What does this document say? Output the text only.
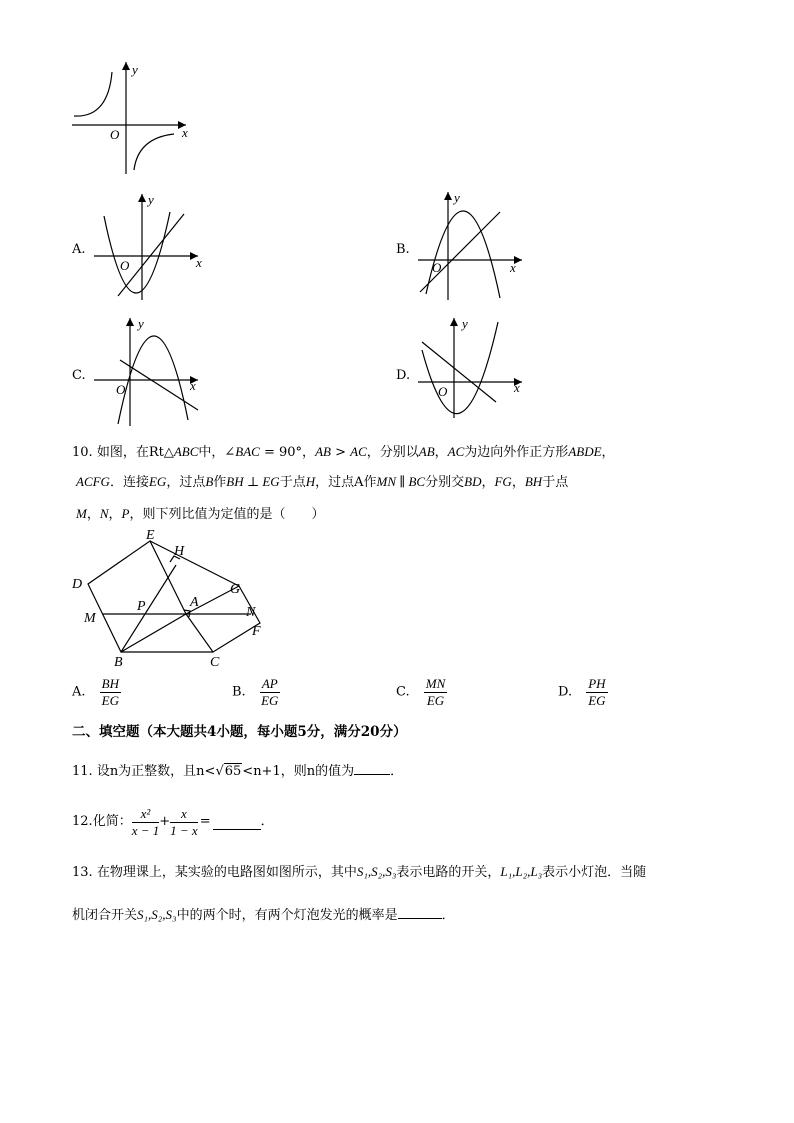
y
x
O
A.
y
x
O
B.
y
x
O
C.
y
x
O
D.
y
x
O
10. 如图，在Rt△ABC中，∠BAC = 90°，AB > AC，分别以AB，AC为边向外作正方形ABDE，
ACFG．连接EG，过点B作BH ⊥ EG于点H，过点A作MN ∥ BC分别交BD，FG，BH于点
M，N，P，则下列比值为定值的是（　　）
E
H
D	G
P	A
M	N
F
B	C
A. $\frac{BH}{EG}$	B. $\frac{AP}{EG}$	C. $\frac{MN}{EG}$	D. $\frac{PH}{EG}$
二、填空题（本大题共4小题，每小题5分，满分20分）
11. 设n为正整数，且n<√65<n+1，则n的值为	．
12. 化简： $\frac{\text{x²}}{x - 1} + \frac{x}{1 - x}$ =	．
13. 在物理课上，某实验的电路图如图所示，其中S₁,S₂,S₃表示电路的开关，L₁,L₂,L₃表示小灯泡．当随
机闭合开关S₁,S₂,S₃中的两个时，有两个灯泡发光的概率是	．
